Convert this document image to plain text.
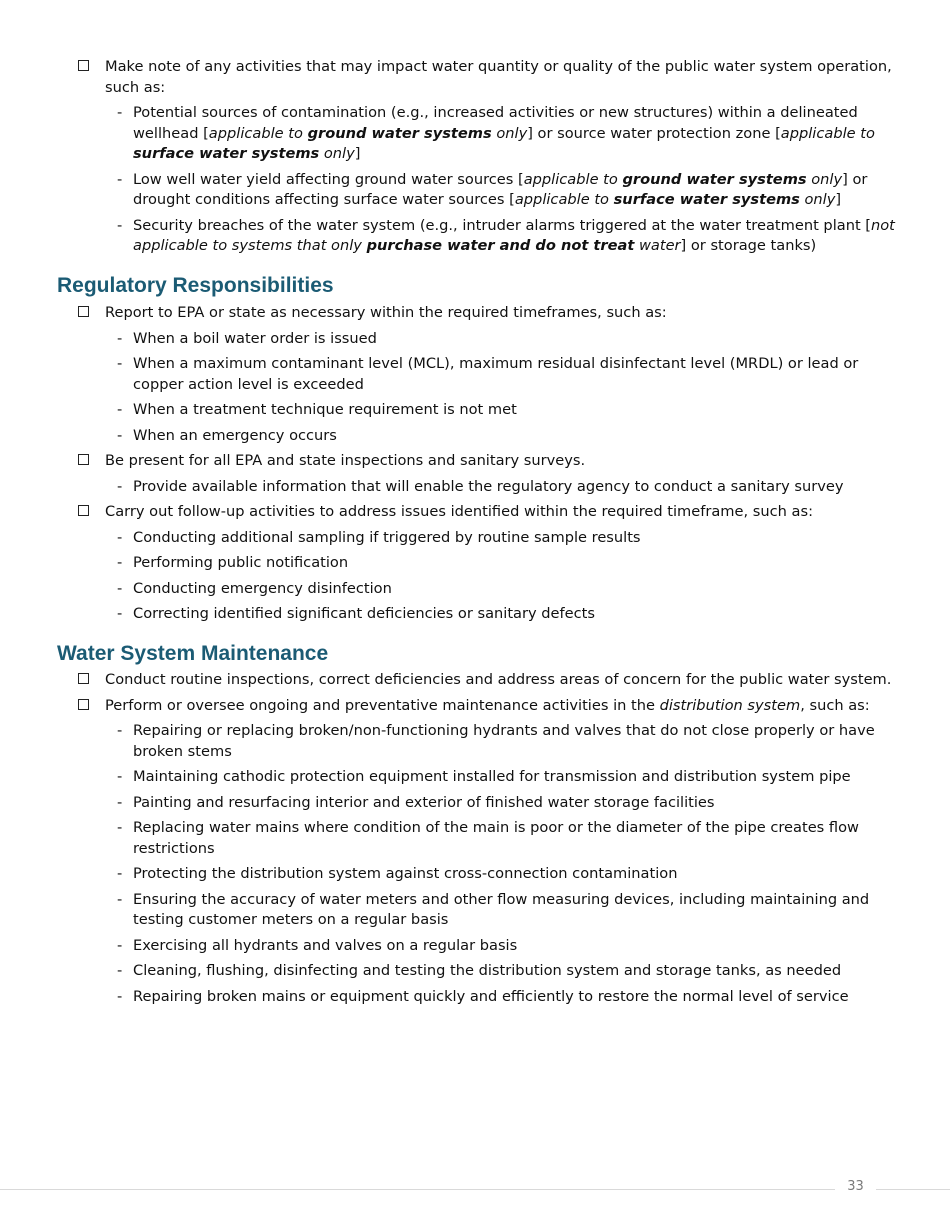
Make note of any activities that may impact water quantity or quality of the public water system operation, such as:
- Potential sources of contamination (e.g., increased activities or new structures) within a delineated wellhead [applicable to ground water systems only] or source water protection zone [applicable to surface water systems only]
- Low well water yield affecting ground water sources [applicable to ground water systems only] or drought conditions affecting surface water sources [applicable to surface water systems only]
- Security breaches of the water system (e.g., intruder alarms triggered at the water treatment plant [not applicable to systems that only purchase water and do not treat water] or storage tanks)
Regulatory Responsibilities
Report to EPA or state as necessary within the required timeframes, such as:
- When a boil water order is issued
- When a maximum contaminant level (MCL), maximum residual disinfectant level (MRDL) or lead or copper action level is exceeded
- When a treatment technique requirement is not met
- When an emergency occurs
Be present for all EPA and state inspections and sanitary surveys.
- Provide available information that will enable the regulatory agency to conduct a sanitary survey
Carry out follow-up activities to address issues identified within the required timeframe, such as:
- Conducting additional sampling if triggered by routine sample results
- Performing public notification
- Conducting emergency disinfection
- Correcting identified significant deficiencies or sanitary defects
Water System Maintenance
Conduct routine inspections, correct deficiencies and address areas of concern for the public water system.
Perform or oversee ongoing and preventative maintenance activities in the distribution system, such as:
- Repairing or replacing broken/non-functioning hydrants and valves that do not close properly or have broken stems
- Maintaining cathodic protection equipment installed for transmission and distribution system pipe
- Painting and resurfacing interior and exterior of finished water storage facilities
- Replacing water mains where condition of the main is poor or the diameter of the pipe creates flow restrictions
- Protecting the distribution system against cross-connection contamination
- Ensuring the accuracy of water meters and other flow measuring devices, including maintaining and testing customer meters on a regular basis
- Exercising all hydrants and valves on a regular basis
- Cleaning, flushing, disinfecting and testing the distribution system and storage tanks, as needed
- Repairing broken mains or equipment quickly and efficiently to restore the normal level of service
33
